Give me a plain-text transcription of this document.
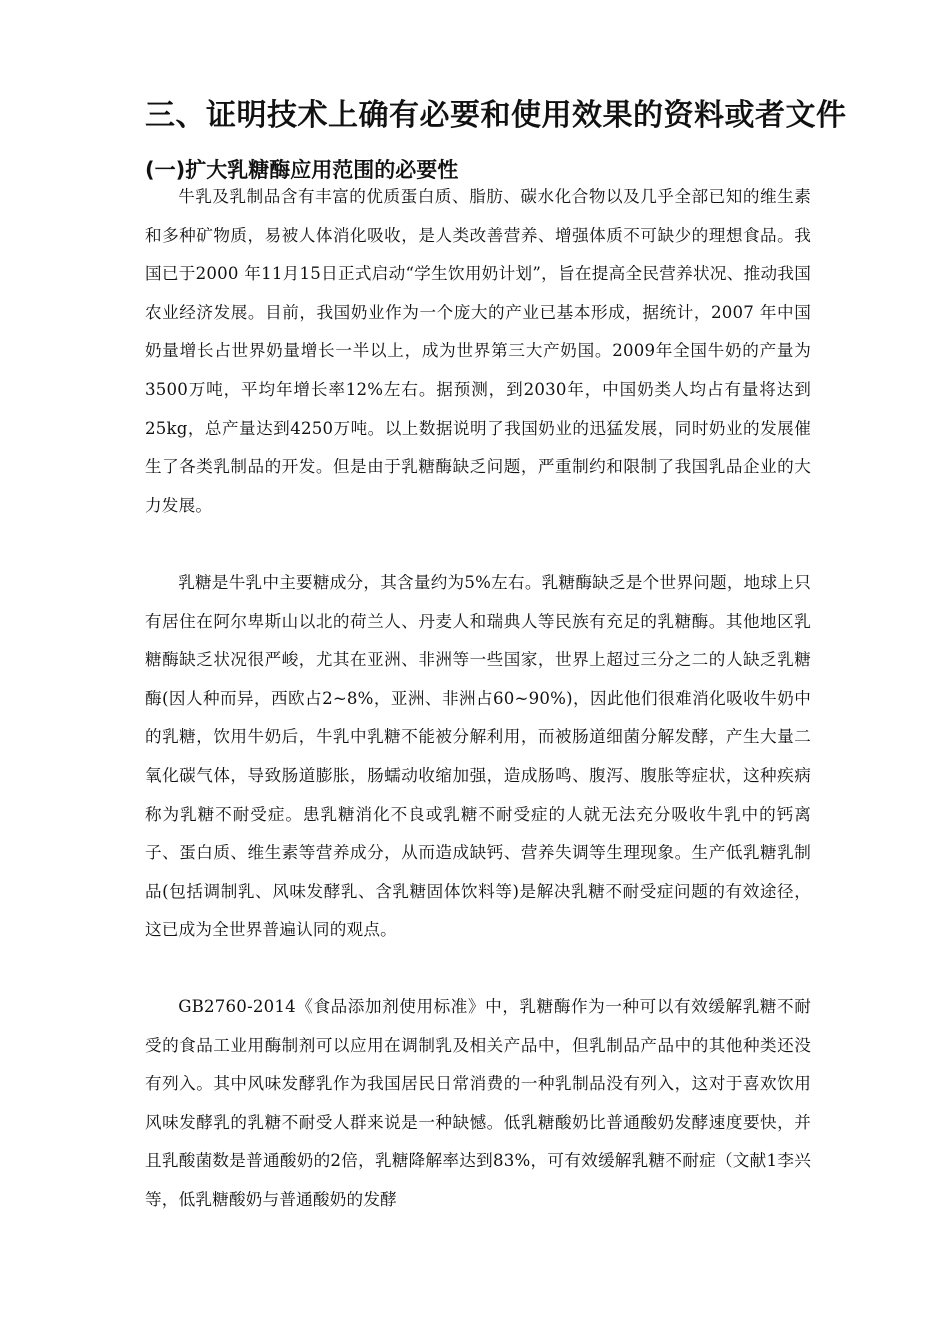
三、证明技术上确有必要和使用效果的资料或者文件
(一)扩大乳糖酶应用范围的必要性

牛乳及乳制品含有丰富的优质蛋白质、脂肪、碳水化合物以及几乎全部已知的维生素和多种矿物质，易被人体消化吸收，是人类改善营养、增强体质不可缺少的理想食品。我国已于2000 年11月15日正式启动“学生饮用奶计划”，旨在提高全民营养状况、推动我国农业经济发展。目前，我国奶业作为一个庞大的产业已基本形成，据统计，2007 年中国奶量增长占世界奶量增长一半以上，成为世界第三大产奶国。2009年全国牛奶的产量为3500万吨，平均年增长率12%左右。据预测，到2030年，中国奶类人均占有量将达到25kg，总产量达到4250万吨。以上数据说明了我国奶业的迅猛发展，同时奶业的发展催生了各类乳制品的开发。但是由于乳糖酶缺乏问题，严重制约和限制了我国乳品企业的大力发展。

乳糖是牛乳中主要糖成分，其含量约为5%左右。乳糖酶缺乏是个世界问题，地球上只有居住在阿尔卑斯山以北的荷兰人、丹麦人和瑞典人等民族有充足的乳糖酶。其他地区乳糖酶缺乏状况很严峻，尤其在亚洲、非洲等一些国家，世界上超过三分之二的人缺乏乳糖酶(因人种而异，西欧占2~8%，亚洲、非洲占60~90%)，因此他们很难消化吸收牛奶中的乳糖，饮用牛奶后，牛乳中乳糖不能被分解利用，而被肠道细菌分解发酵，产生大量二氧化碳气体，导致肠道膨胀，肠蠕动收缩加强，造成肠鸣、腹泻、腹胀等症状，这种疾病称为乳糖不耐受症。患乳糖消化不良或乳糖不耐受症的人就无法充分吸收牛乳中的钙离子、蛋白质、维生素等营养成分，从而造成缺钙、营养失调等生理现象。生产低乳糖乳制品(包括调制乳、风味发酵乳、含乳糖固体饮料等)是解决乳糖不耐受症问题的有效途径，这已成为全世界普遍认同的观点。

GB2760-2014《食品添加剂使用标准》中，乳糖酶作为一种可以有效缓解乳糖不耐受的食品工业用酶制剂可以应用在调制乳及相关产品中，但乳制品产品中的其他种类还没有列入。其中风味发酵乳作为我国居民日常消费的一种乳制品没有列入，这对于喜欢饮用风味发酵乳的乳糖不耐受人群来说是一种缺憾。低乳糖酸奶比普通酸奶发酵速度要快，并且乳酸菌数是普通酸奶的2倍，乳糖降解率达到83%，可有效缓解乳糖不耐症（文献1李兴等，低乳糖酸奶与普通酸奶的发酵
